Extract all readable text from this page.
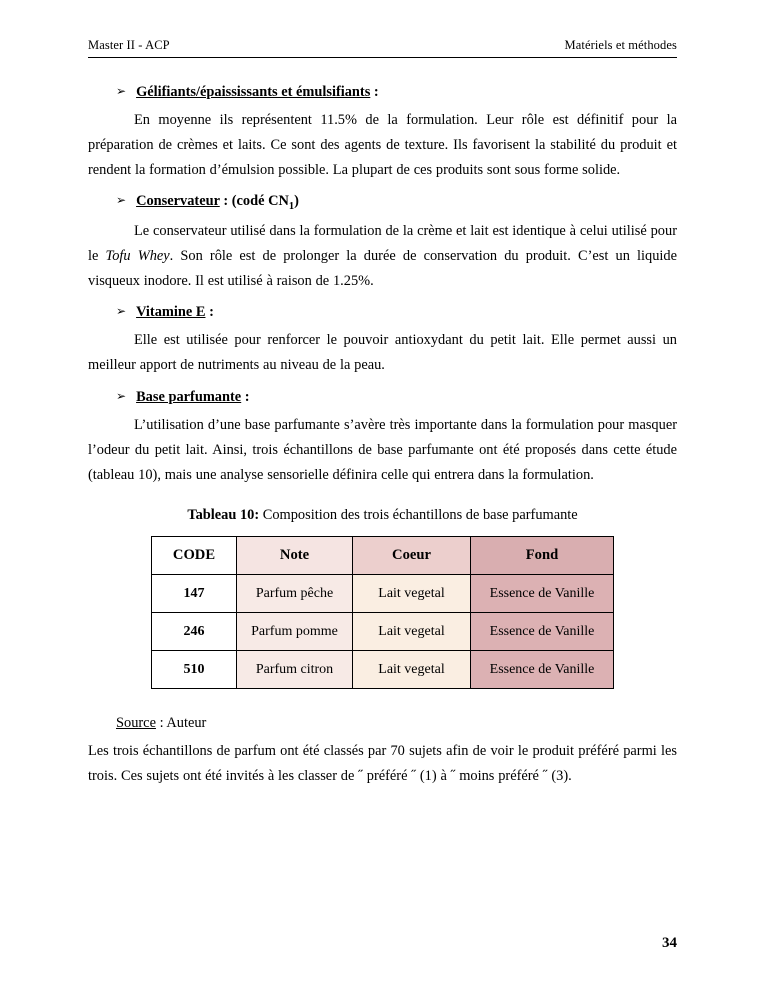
Master II - ACP	Matériels et méthodes
➢ Gélifiants/épaississants et émulsifiants :

En moyenne ils représentent 11.5% de la formulation. Leur rôle est définitif pour la préparation de crèmes et laits. Ce sont des agents de texture. Ils favorisent la stabilité du produit et rendent la formation d’émulsion possible. La plupart de ces produits sont sous forme solide.

➢ Conservateur : (codé $CN_1$)

Le conservateur utilisé dans la formulation de la crème et lait est identique à celui utilisé pour le Tofu Whey. Son rôle est de prolonger la durée de conservation du produit. C’est un liquide visqueux inodore. Il est utilisé à raison de 1.25%.

➢ Vitamine E :

Elle est utilisée pour renforcer le pouvoir antioxydant du petit lait. Elle permet aussi un meilleur apport de nutriments au niveau de la peau.

➢ Base parfumante :

L’utilisation d’une base parfumante s’avère très importante dans la formulation pour masquer l’odeur du petit lait. Ainsi, trois échantillons de base parfumante ont été proposés dans cette étude (tableau 10), mais une analyse sensorielle définira celle qui entrera dans la formulation.

Tableau 10: Composition des trois échantillons de base parfumante
CODE	Note	Coeur	Fond
147	Parfum pêche	Lait vegetal	Essence de Vanille
246	Parfum pomme	Lait vegetal	Essence de Vanille
510	Parfum citron	Lait vegetal	Essence de Vanille
Source : Auteur

Les trois échantillons de parfum ont été classés par 70 sujets afin de voir le produit préféré parmi les trois. Ces sujets ont été invités à les classer de ˝ préféré ˝ (1) à ˝ moins préféré ˝ (3).

34
